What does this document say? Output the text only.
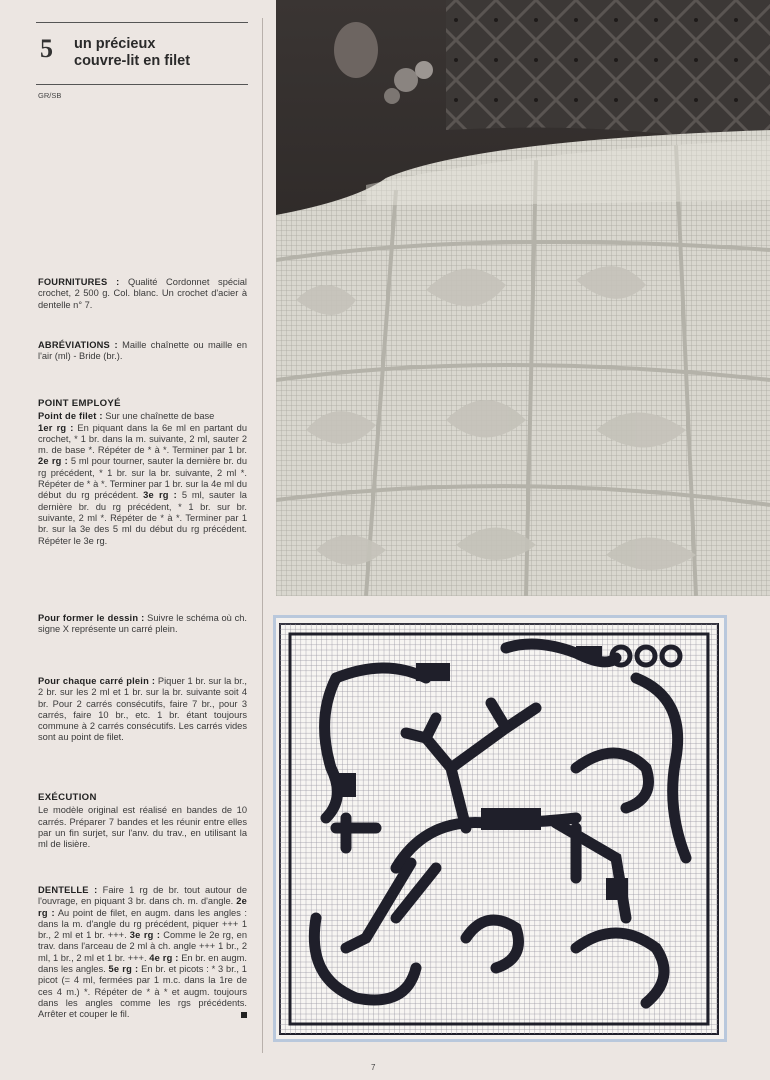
5 un précieux
couvre-lit en filet
GR/SB

FOURNITURES : Qualité Cordonnet spécial crochet, 2 500 g. Col. blanc. Un crochet d'acier à dentelle n° 7.

ABRÉVIATIONS : Maille chaînette ou maille en l'air (ml) - Bride (br.).

POINT EMPLOYÉ

Point de filet : Sur une chaînette de base

1er rg : En piquant dans la 6e ml en partant du crochet, * 1 br. dans la m. suivante, 2 ml, sauter 2 m. de base *. Répéter de * à *. Terminer par 1 br. 2e rg : 5 ml pour tourner, sauter la dernière br. du rg précédent, * 1 br. sur la br. suivante, 2 ml *. Répéter de * à *. Terminer par 1 br. sur la 4e ml du début du rg précédent. 3e rg : 5 ml, sauter la dernière br. du rg précédent, * 1 br. sur br. suivante, 2 ml *. Répéter de * à *. Terminer par 1 br. sur la 3e des 5 ml du début du rg précédent. Répéter le 3e rg.

Pour former le dessin : Suivre le schéma où ch. signe X représente un carré plein.

Pour chaque carré plein : Piquer 1 br. sur la br., 2 br. sur les 2 ml et 1 br. sur la br. suivante soit 4 br. Pour 2 carrés consécutifs, faire 7 br., pour 3 carrés, faire 10 br., etc. 1 br. étant toujours commune à 2 carrés consécutifs. Les carrés vides sont au point de filet.

EXÉCUTION

Le modèle original est réalisé en bandes de 10 carrés. Préparer 7 bandes et les réunir entre elles par un fin surjet, sur l'anv. du trav., en utilisant la ml de lisière.

DENTELLE : Faire 1 rg de br. tout autour de l'ouvrage, en piquant 3 br. dans ch. m. d'angle. 2e rg : Au point de filet, en augm. dans les angles : dans la m. d'angle du rg précédent, piquer +++ 1 br., 2 ml et 1 br. +++. 3e rg : Comme le 2e rg, en trav. dans l'arceau de 2 ml à ch. angle +++ 1 br., 2 ml, 1 br., 2 ml et 1 br. +++. 4e rg : En br. en augm. dans les angles. 5e rg : En br. et picots : * 3 br., 1 picot (= 4 ml, fermées par 1 m.c. dans la 1re de ces 4 m.) *. Répéter de * à * et augm. toujours dans les angles comme les rgs précédents. Arrêter et couper le fil.

7
